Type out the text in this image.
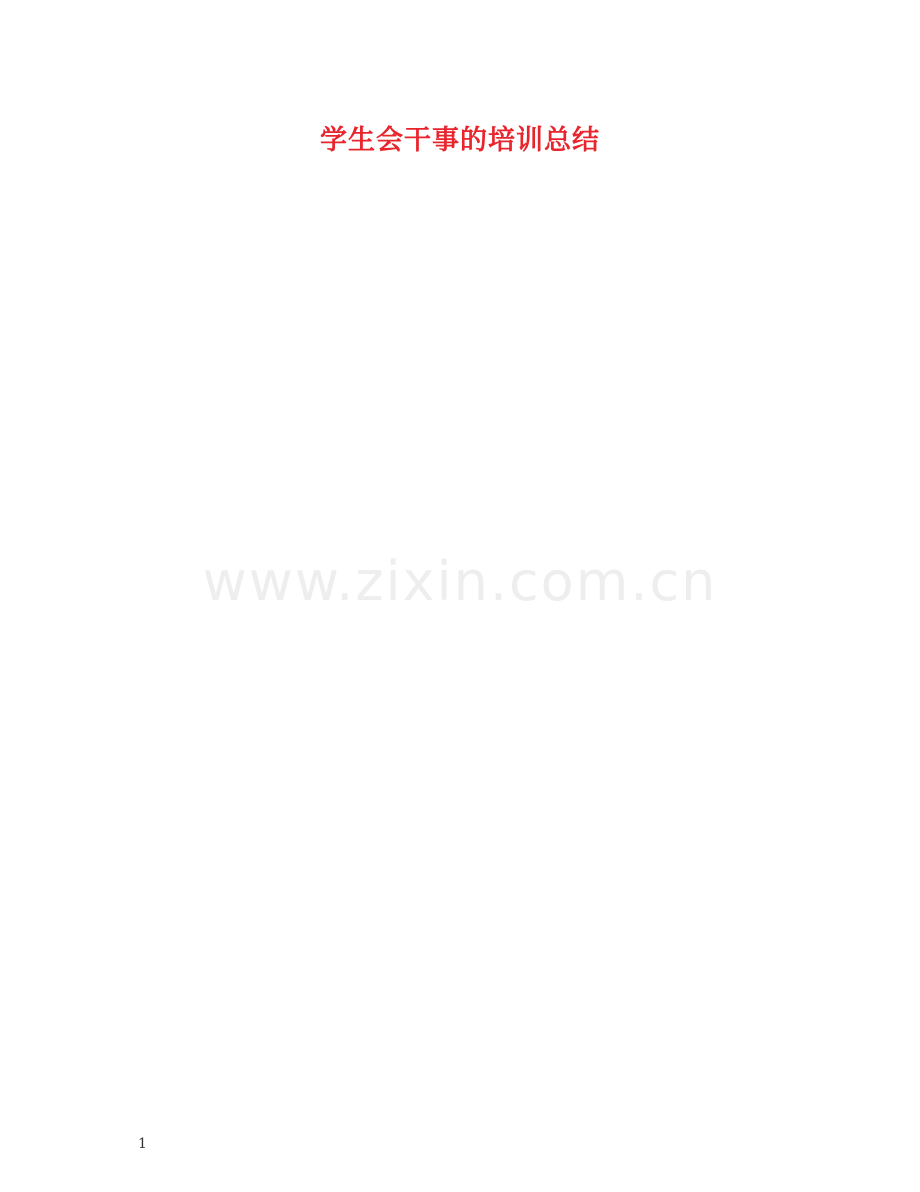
学生会干事的培训总结

www.zixin.com.cn
1
